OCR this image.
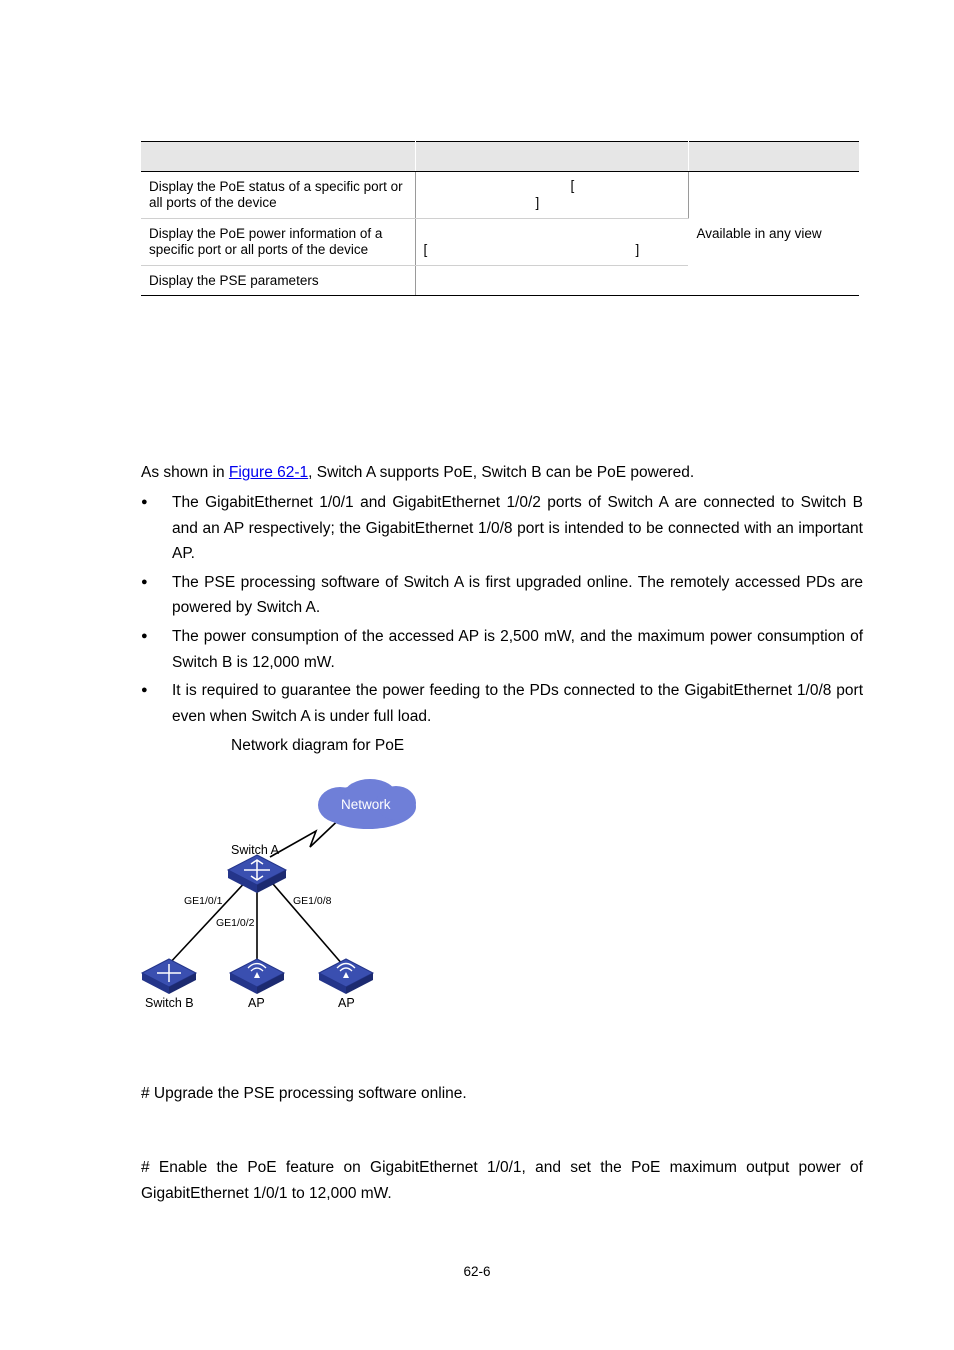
Display the PoE status of a specific port or all ports of the device	[
]	Available in any view
Display the PoE power information of a specific port or all ports of the device	[ ]	

Display the PSE parameters		
As shown in Figure 62-1, Switch A supports PoE, Switch B can be PoE powered.
● The GigabitEthernet 1/0/1 and GigabitEthernet 1/0/2 ports of Switch A are connected to Switch B and an AP respectively; the GigabitEthernet 1/0/8 port is intended to be connected with an important AP.
● The PSE processing software of Switch A is first upgraded online. The remotely accessed PDs are powered by Switch A.
● The power consumption of the accessed AP is 2,500 mW, and the maximum power consumption of Switch B is 12,000 mW.
● It is required to guarantee the power feeding to the PDs connected to the GigabitEthernet 1/0/8 port even when Switch A is under full load.
Network diagram for PoE
Network
Switch A
GE1/0/1
GE1/0/2
GE1/0/8
Switch B	AP	AP
# Upgrade the PSE processing software online.
# Enable the PoE feature on GigabitEthernet 1/0/1, and set the PoE maximum output power of GigabitEthernet 1/0/1 to 12,000 mW.
62-6
